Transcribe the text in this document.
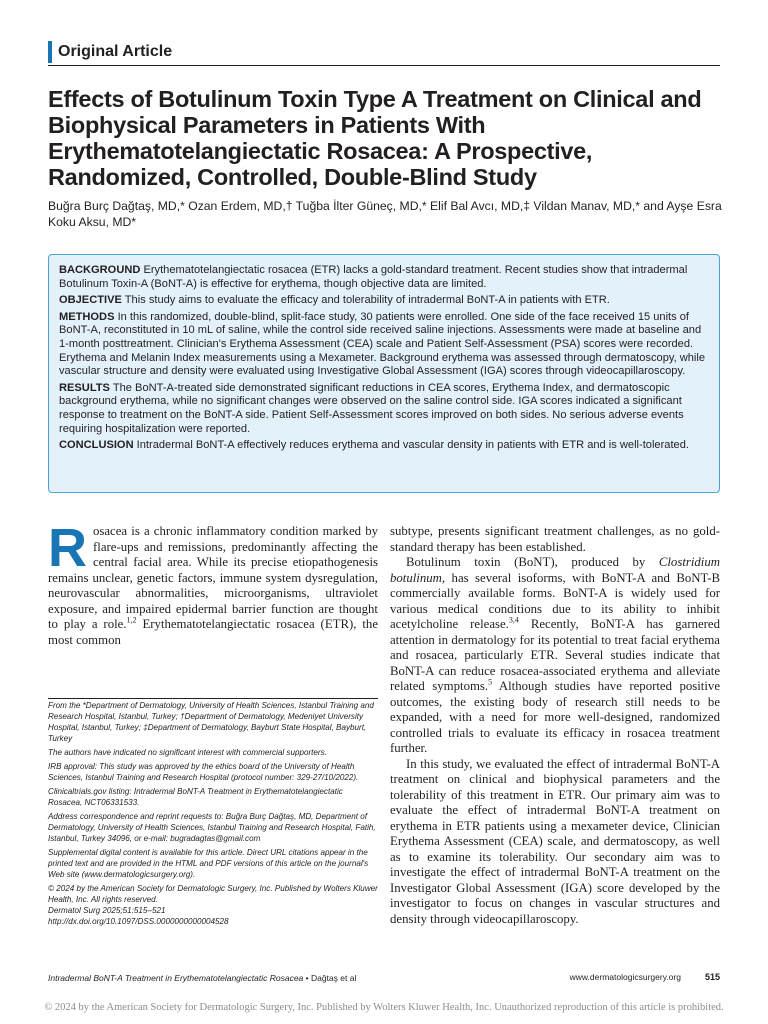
Original Article
Effects of Botulinum Toxin Type A Treatment on Clinical and Biophysical Parameters in Patients With Erythematotelangiectatic Rosacea: A Prospective, Randomized, Controlled, Double-Blind Study
Buğra Burç Dağtaş, MD,* Ozan Erdem, MD,† Tuğba İlter Güneç, MD,* Elif Bal Avcı, MD,‡ Vildan Manav, MD,* and Ayşe Esra Koku Aksu, MD*

BACKGROUND Erythematotelangiectatic rosacea (ETR) lacks a gold-standard treatment. Recent studies show that intradermal Botulinum Toxin-A (BoNT-A) is effective for erythema, though objective data are limited.

OBJECTIVE This study aims to evaluate the efficacy and tolerability of intradermal BoNT-A in patients with ETR.

METHODS In this randomized, double-blind, split-face study, 30 patients were enrolled. One side of the face received 15 units of BoNT-A, reconstituted in 10 mL of saline, while the control side received saline injections. Assessments were made at baseline and 1-month posttreatment. Clinician's Erythema Assessment (CEA) scale and Patient Self-Assessment (PSA) scores were recorded. Erythema and Melanin Index measurements using a Mexameter. Background erythema was assessed through dermatoscopy, while vascular structure and density were evaluated using Investigative Global Assessment (IGA) scores through videocapillaroscopy.

RESULTS The BoNT-A-treated side demonstrated significant reductions in CEA scores, Erythema Index, and dermatoscopic background erythema, while no significant changes were observed on the saline control side. IGA scores indicated a significant response to treatment on the BoNT-A side. Patient Self-Assessment scores improved on both sides. No serious adverse events requiring hospitalization were reported.

CONCLUSION Intradermal BoNT-A effectively reduces erythema and vascular density in patients with ETR and is well-tolerated.

Rosacea is a chronic inflammatory condition marked by flare-ups and remissions, predominantly affecting the central facial area. While its precise etiopathogenesis remains unclear, genetic factors, immune system dysregulation, neurovascular abnormalities, microorganisms, ultraviolet exposure, and impaired epidermal barrier function are thought to play a role.$^{1,2}$ Erythematotelangiectatic rosacea (ETR), the most common

From the *Department of Dermatology, University of Health Sciences, Istanbul Training and Research Hospital, Istanbul, Turkey; †Department of Dermatology, Medeniyet University Hospital, Istanbul, Turkey; ‡Department of Dermatology, Bayburt State Hospital, Bayburt, Turkey

The authors have indicated no significant interest with commercial supporters.

IRB approval: This study was approved by the ethics board of the University of Health Sciences, Istanbul Training and Research Hospital (protocol number: 329-27/10/2022).

Clinicaltrials.gov listing: Intradermal BoNT-A Treatment in Erythematotelangiectatic Rosacea, NCT06331533.

Address correspondence and reprint requests to: Buğra Burç Dağtaş, MD, Department of Dermatology, University of Health Sciences, Istanbul Training and Research Hospital, Fatih, Istanbul, Turkey 34096, or e-mail: bugradagtas@gmail.com

Supplemental digital content is available for this article. Direct URL citations appear in the printed text and are provided in the HTML and PDF versions of this article on the journal's Web site (www.dermatologicsurgery.org).

© 2024 by the American Society for Dermatologic Surgery, Inc. Published by Wolters Kluwer Health, Inc. All rights reserved.

Dermatol Surg 2025;51:515–521

http://dx.doi.org/10.1097/DSS.0000000000004528

subtype, presents significant treatment challenges, as no gold-standard therapy has been established.

Botulinum toxin (BoNT), produced by Clostridium botulinum, has several isoforms, with BoNT-A and BoNT-B commercially available forms. BoNT-A is widely used for various medical conditions due to its ability to inhibit acetylcholine release.$^{3,4}$ Recently, BoNT-A has garnered attention in dermatology for its potential to treat facial erythema and rosacea, particularly ETR. Several studies indicate that BoNT-A can reduce rosacea-associated erythema and alleviate related symptoms.$^5$ Although studies have reported positive outcomes, the existing body of research still needs to be expanded, with a need for more well-designed, randomized controlled trials to evaluate its efficacy in rosacea treatment further.

In this study, we evaluated the effect of intradermal BoNT-A treatment on clinical and biophysical parameters and the tolerability of this treatment in ETR. Our primary aim was to evaluate the effect of intradermal BoNT-A treatment on erythema in ETR patients using a mexameter device, Clinician Erythema Assessment (CEA) scale, and dermatoscopy, as well as to examine its tolerability. Our secondary aim was to investigate the effect of intradermal BoNT-A treatment on the Investigator Global Assessment (IGA) score developed by the investigator to focus on changes in vascular structures and density through videocapillaroscopy.

Intradermal BoNT-A Treatment in Erythematotelangiectatic Rosacea • Dağtaş et al	www.dermatologicsurgery.org	515
© 2024 by the American Society for Dermatologic Surgery, Inc. Published by Wolters Kluwer Health, Inc. Unauthorized reproduction of this article is prohibited.
